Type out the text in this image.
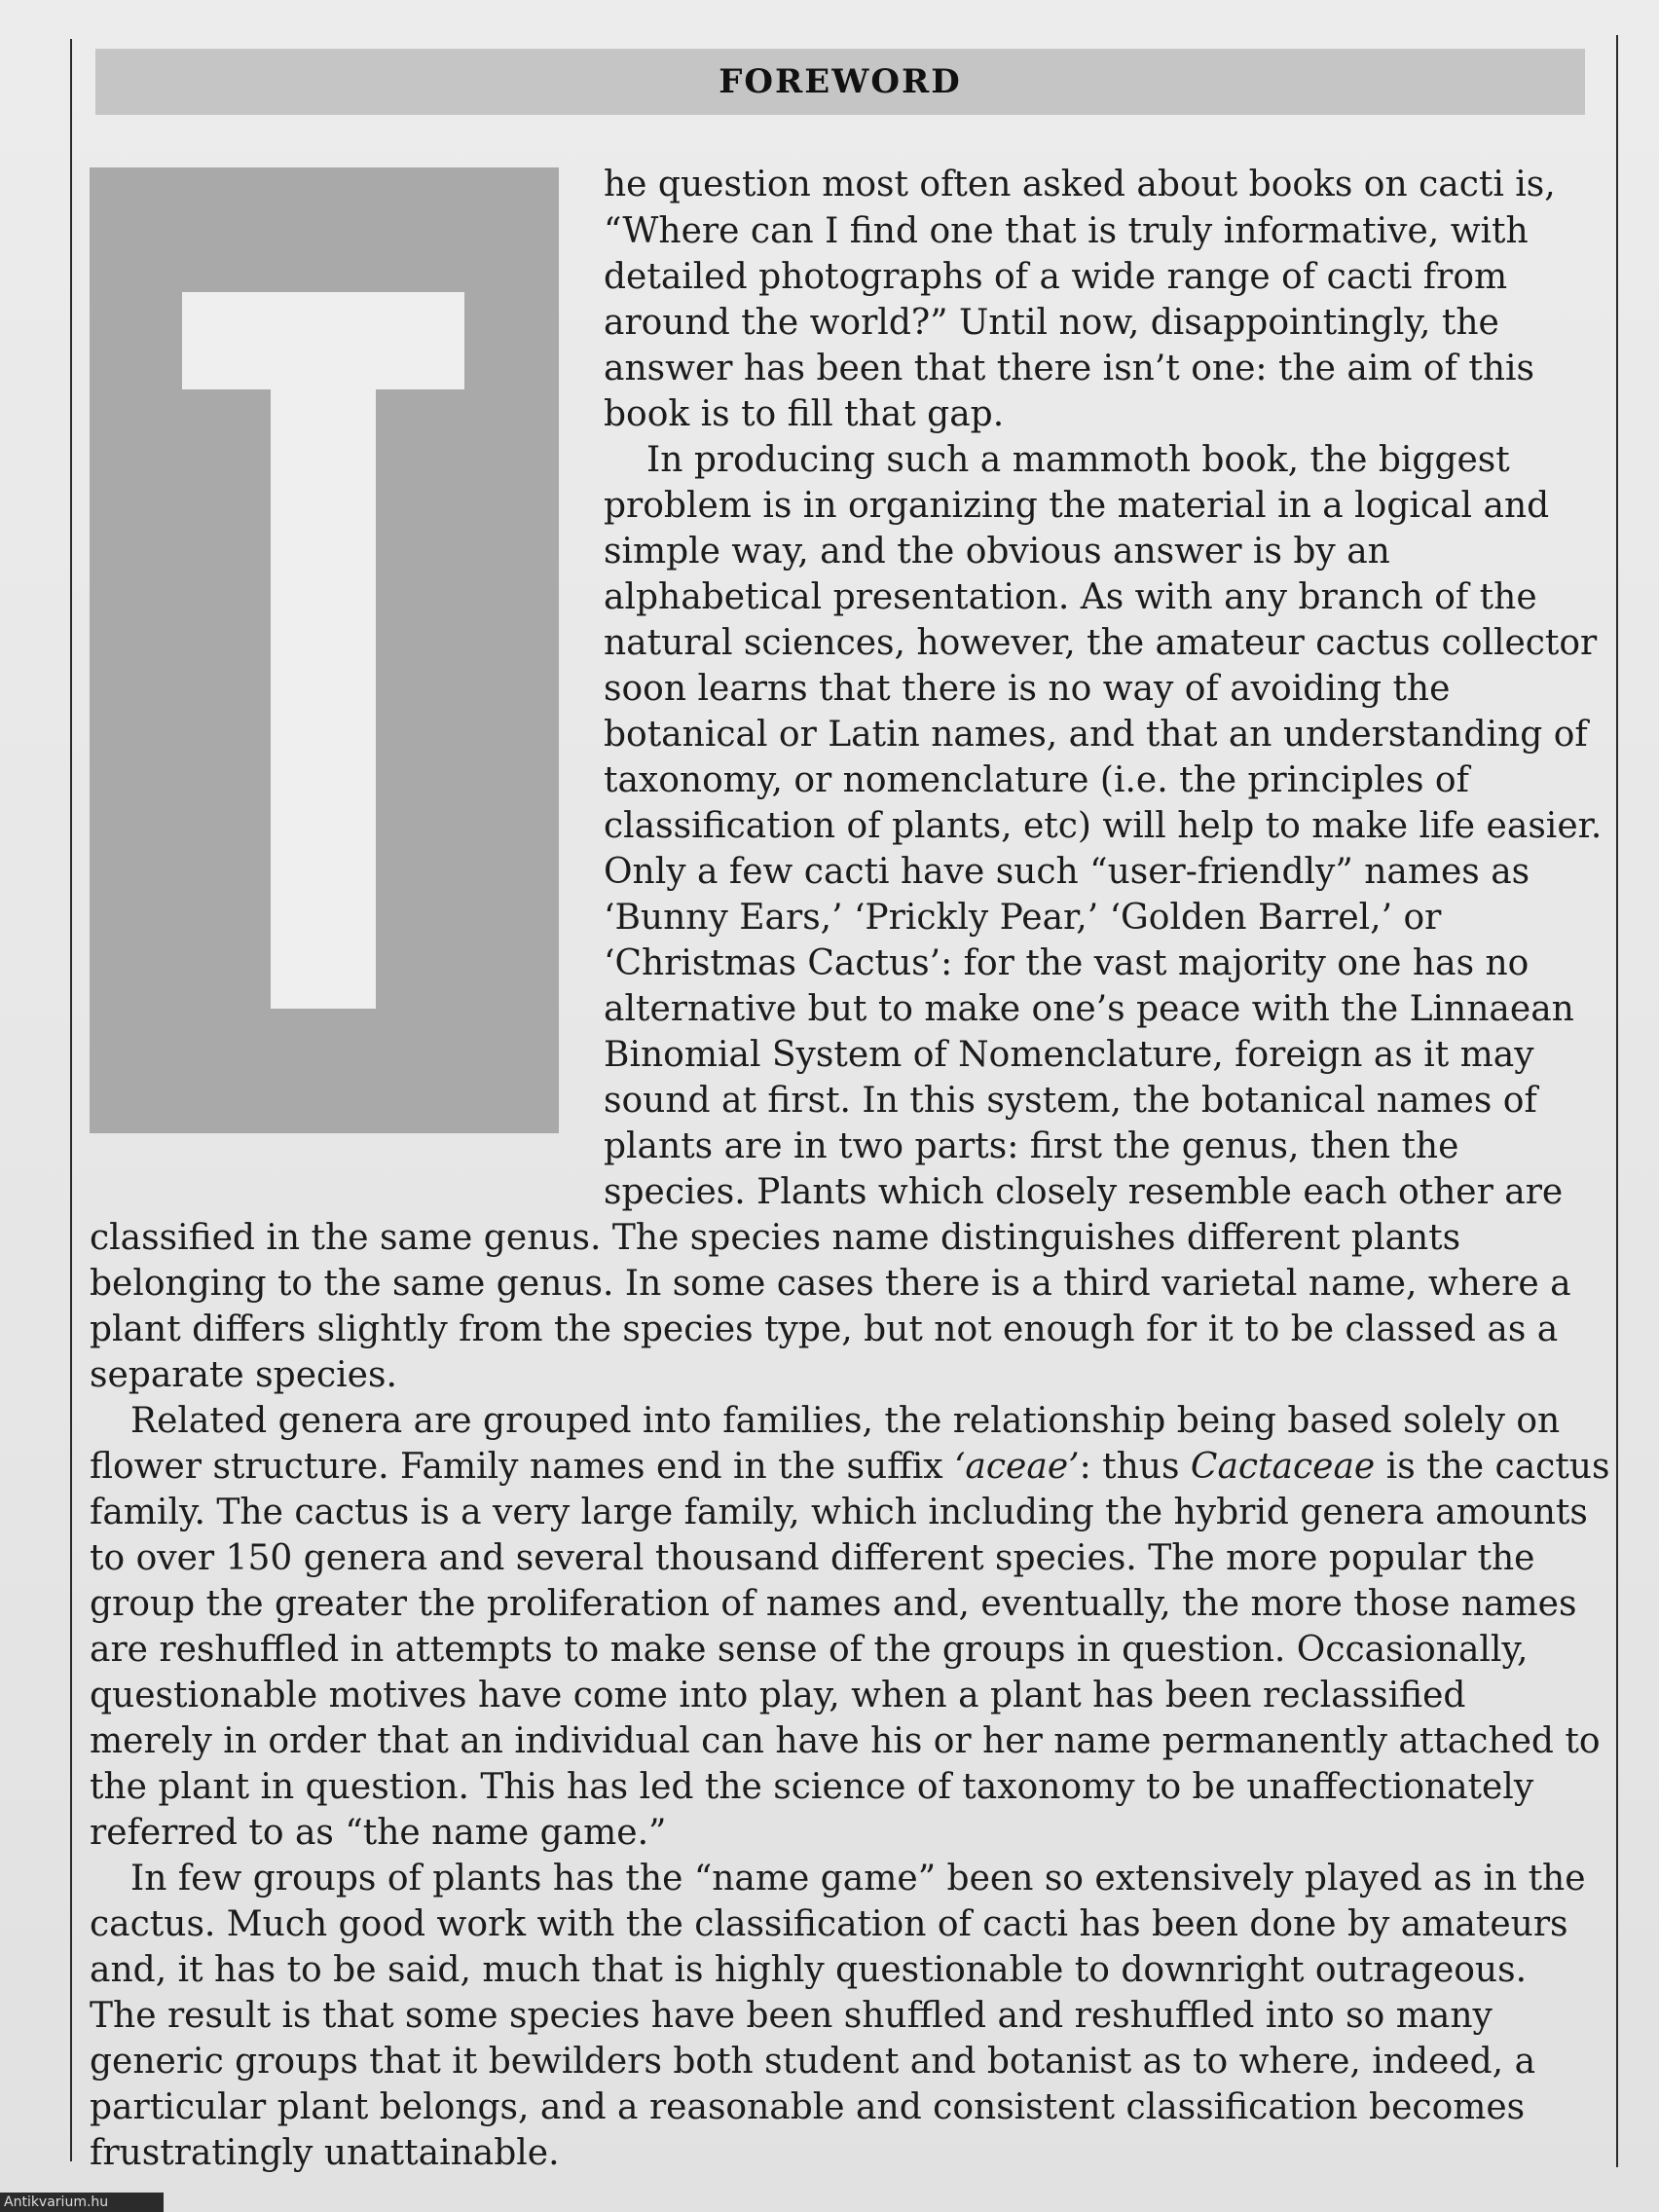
FOREWORD
he question most often asked about books on cacti is,
“Where can I find one that is truly informative, with
detailed photographs of a wide range of cacti from
around the world?” Until now, disappointingly, the
answer has been that there isn’t one: the aim of this
book is to fill that gap.
In producing such a mammoth book, the biggest
problem is in organizing the material in a logical and
simple way, and the obvious answer is by an
alphabetical presentation. As with any branch of the
natural sciences, however, the amateur cactus collector
soon learns that there is no way of avoiding the
botanical or Latin names, and that an understanding of
taxonomy, or nomenclature (i.e. the principles of
classification of plants, etc) will help to make life easier.
Only a few cacti have such “user-friendly” names as
‘Bunny Ears,’ ‘Prickly Pear,’ ‘Golden Barrel,’ or
‘Christmas Cactus’: for the vast majority one has no
alternative but to make one’s peace with the Linnaean
Binomial System of Nomenclature, foreign as it may
sound at first. In this system, the botanical names of
plants are in two parts: first the genus, then the
species. Plants which closely resemble each other are
classified in the same genus. The species name distinguishes different plants
belonging to the same genus. In some cases there is a third varietal name, where a
plant differs slightly from the species type, but not enough for it to be classed as a
separate species.
Related genera are grouped into families, the relationship being based solely on
flower structure. Family names end in the suffix ‘aceae’: thus Cactaceae is the cactus
family. The cactus is a very large family, which including the hybrid genera amounts
to over 150 genera and several thousand different species. The more popular the
group the greater the proliferation of names and, eventually, the more those names
are reshuffled in attempts to make sense of the groups in question. Occasionally,
questionable motives have come into play, when a plant has been reclassified
merely in order that an individual can have his or her name permanently attached to
the plant in question. This has led the science of taxonomy to be unaffectionately
referred to as “the name game.”
In few groups of plants has the “name game” been so extensively played as in the
cactus. Much good work with the classification of cacti has been done by amateurs
and, it has to be said, much that is highly questionable to downright outrageous.
The result is that some species have been shuffled and reshuffled into so many
generic groups that it bewilders both student and botanist as to where, indeed, a
particular plant belongs, and a reasonable and consistent classification becomes
frustratingly unattainable.
Antikvarium.hu
